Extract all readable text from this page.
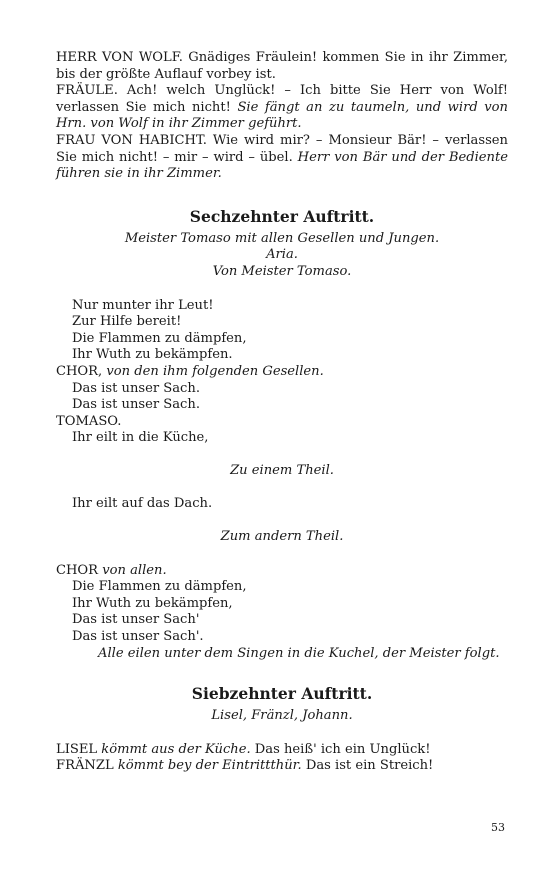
HERR VON WOLF. Gnädiges Fräulein! kommen Sie in ihr Zimmer, bis der größte Auflauf vorbey ist.

FRÄULE. Ach! welch Unglück! – Ich bitte Sie Herr von Wolf! verlassen Sie mich nicht! Sie fängt an zu taumeln, und wird von Hrn. von Wolf in ihr Zimmer geführt.

FRAU VON HABICHT. Wie wird mir? – Monsieur Bär! – verlassen Sie mich nicht! – mir – wird – übel. Herr von Bär und der Bediente führen sie in ihr Zimmer.

Sechzehnter Auftritt.

Meister Tomaso mit allen Gesellen und Jungen.

Aria.

Von Meister Tomaso.

Nur munter ihr Leut!

Zur Hilfe bereit!

Die Flammen zu dämpfen,

Ihr Wuth zu bekämpfen.

CHOR, von den ihm folgenden Gesellen.

Das ist unser Sach.

Das ist unser Sach.

TOMASO.

Ihr eilt in die Küche,

Zu einem Theil.

Ihr eilt auf das Dach.

Zum andern Theil.

CHOR von allen.

Die Flammen zu dämpfen,

Ihr Wuth zu bekämpfen,

Das ist unser Sach'

Das ist unser Sach'.

Alle eilen unter dem Singen in die Kuchel, der Meister folgt.

Siebzehnter Auftritt.

Lisel, Fränzl, Johann.

LISEL kömmt aus der Küche. Das heiß' ich ein Unglück!

FRÄNZL kömmt bey der Eintrittthür. Das ist ein Streich!

53
